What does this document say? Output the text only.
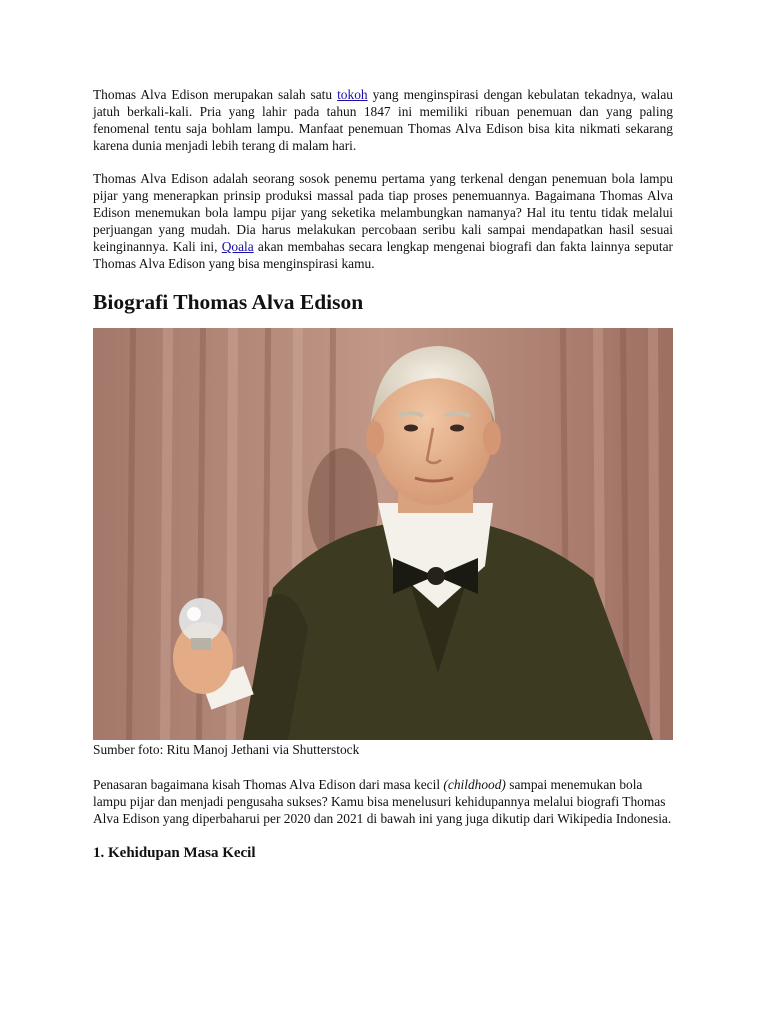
Thomas Alva Edison merupakan salah satu tokoh yang menginspirasi dengan kebulatan tekadnya, walau jatuh berkali-kali. Pria yang lahir pada tahun 1847 ini memiliki ribuan penemuan dan yang paling fenomenal tentu saja bohlam lampu. Manfaat penemuan Thomas Alva Edison bisa kita nikmati sekarang karena dunia menjadi lebih terang di malam hari.

Thomas Alva Edison adalah seorang sosok penemu pertama yang terkenal dengan penemuan bola lampu pijar yang menerapkan prinsip produksi massal pada tiap proses penemuannya. Bagaimana Thomas Alva Edison menemukan bola lampu pijar yang seketika melambungkan namanya? Hal itu tentu tidak melalui perjuangan yang mudah. Dia harus melakukan percobaan seribu kali sampai mendapatkan hasil sesuai keinginannya. Kali ini, Qoala akan membahas secara lengkap mengenai biografi dan fakta lainnya seputar Thomas Alva Edison yang bisa menginspirasi kamu.

Biografi Thomas Alva Edison

Sumber foto: Ritu Manoj Jethani via Shutterstock

Penasaran bagaimana kisah Thomas Alva Edison dari masa kecil (childhood) sampai menemukan bola lampu pijar dan menjadi pengusaha sukses? Kamu bisa menelusuri kehidupannya melalui biografi Thomas Alva Edison yang diperbaharui per 2020 dan 2021 di bawah ini yang juga dikutip dari Wikipedia Indonesia.

1. Kehidupan Masa Kecil
